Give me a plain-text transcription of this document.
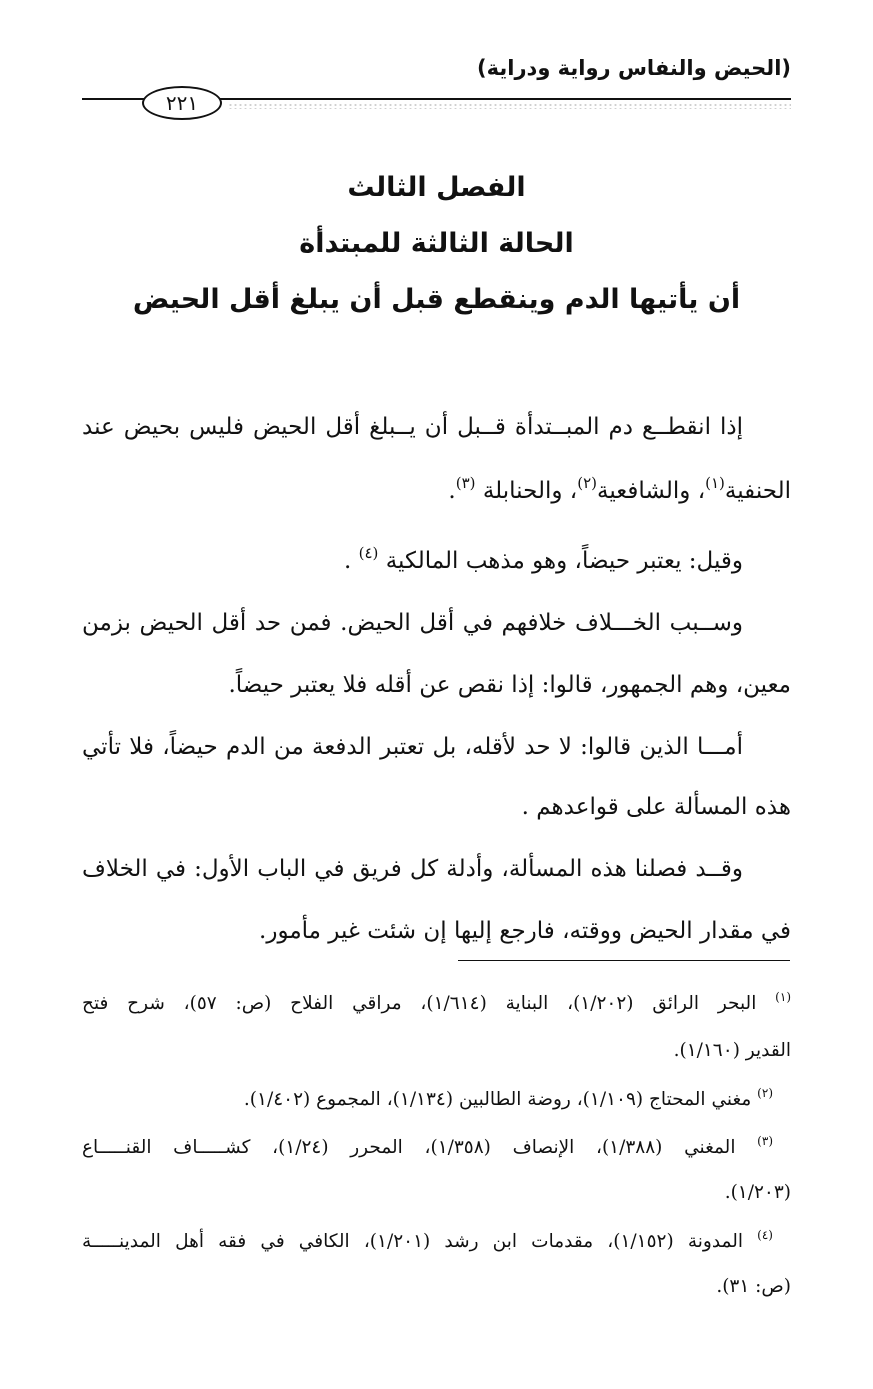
(الحيض والنفاس رواية ودراية)
٢٢١
الفصل الثالث
الحالة الثالثة للمبتدأة
أن يأتيها الدم وينقطع قبل أن يبلغ أقل الحيض
إذا انقطــع دم المبــتدأة قــبل أن يــبلغ أقل الحيض فليس بحيض عند
الحنفية$^{(١)}$، والشافعية$^{(٢)}$، والحنابلة $^{(٣)}$.
وقيل: يعتبر حيضاً، وهو مذهب المالكية $^{(٤)}$ .
وســبب الخـــلاف خلافهم في أقل الحيض. فمن حد أقل الحيض بزمن
معين، وهم الجمهور، قالوا: إذا نقص عن أقله فلا يعتبر حيضاً.
أمـــا الذين قالوا: لا حد لأقله، بل تعتبر الدفعة من الدم حيضاً، فلا تأتي
هذه المسألة على قواعدهم .
وقــد فصلنا هذه المسألة، وأدلة كل فريق في الباب الأول: في الخلاف
في مقدار الحيض ووقته، فارجع إليها إن شئت غير مأمور.
$^{(١)}$ البحر الرائق (١/٢٠٢)، البناية (١/٦١٤)، مراقي الفلاح (ص: ٥٧)، شرح فتح
القدير (١/١٦٠).
$^{(٢)}$ مغني المحتاج (١/١٠٩)، روضة الطالبين (١/١٣٤)، المجموع (١/٤٠٢).
$^{(٣)}$ المغني (١/٣٨٨)، الإنصاف (١/٣٥٨)، المحرر (١/٢٤)، كشـــــاف القنـــــاع
(١/٢٠٣).
$^{(٤)}$ المدونة (١/١٥٢)، مقدمات ابن رشد (١/٢٠١)، الكافي في فقه أهل المدينـــــة
(ص: ٣١).
